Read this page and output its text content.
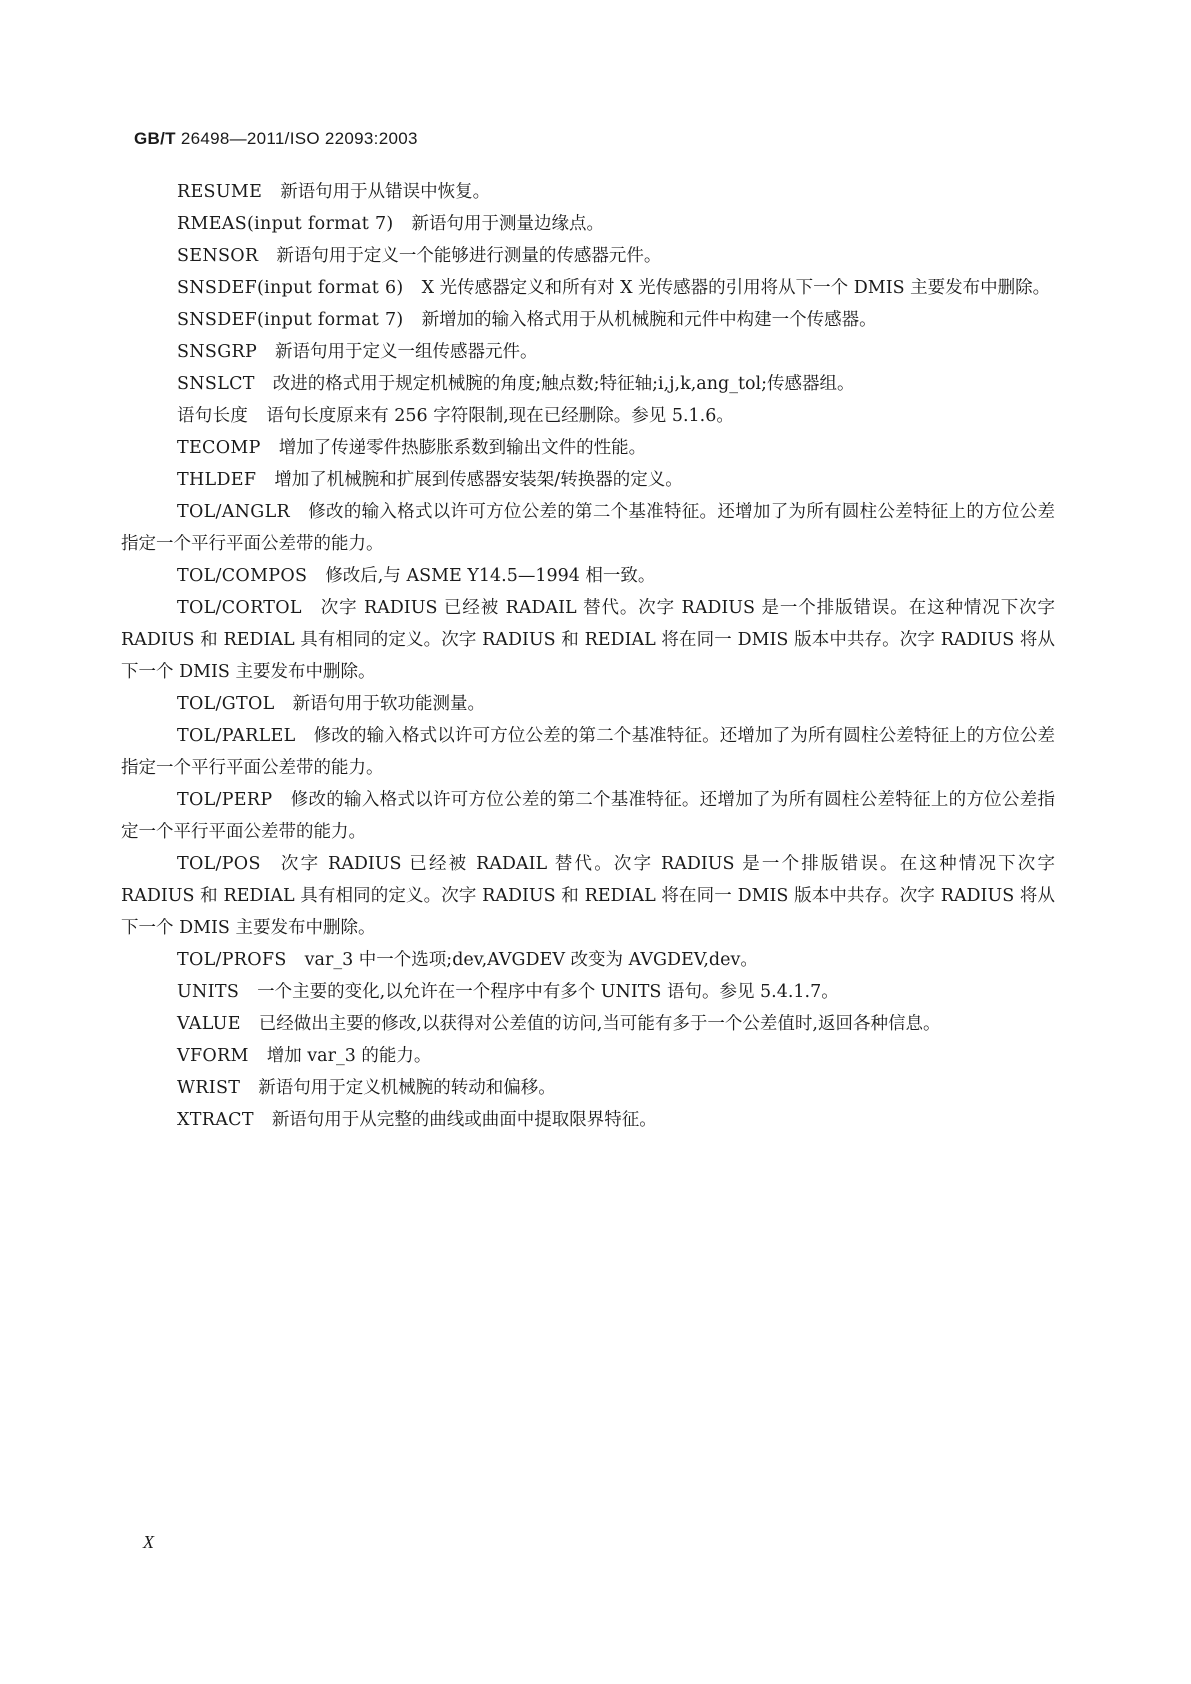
GB/T 26498—2011/ISO 22093:2003

RESUME 新语句用于从错误中恢复。

RMEAS(input format 7) 新语句用于测量边缘点。

SENSOR 新语句用于定义一个能够进行测量的传感器元件。

SNSDEF(input format 6) X 光传感器定义和所有对 X 光传感器的引用将从下一个 DMIS 主要发布中删除。

SNSDEF(input format 7) 新增加的输入格式用于从机械腕和元件中构建一个传感器。

SNSGRP 新语句用于定义一组传感器元件。

SNSLCT 改进的格式用于规定机械腕的角度;触点数;特征轴;i,j,k,ang_tol;传感器组。

语句长度 语句长度原来有 256 字符限制,现在已经删除。参见 5.1.6。

TECOMP 增加了传递零件热膨胀系数到输出文件的性能。

THLDEF 增加了机械腕和扩展到传感器安装架/转换器的定义。

TOL/ANGLR 修改的输入格式以许可方位公差的第二个基准特征。还增加了为所有圆柱公差特征上的方位公差指定一个平行平面公差带的能力。

TOL/COMPOS 修改后,与 ASME Y14.5—1994 相一致。

TOL/CORTOL 次字 RADIUS 已经被 RADAIL 替代。次字 RADIUS 是一个排版错误。在这种情况下次字 RADIUS 和 REDIAL 具有相同的定义。次字 RADIUS 和 REDIAL 将在同一 DMIS 版本中共存。次字 RADIUS 将从下一个 DMIS 主要发布中删除。

TOL/GTOL 新语句用于软功能测量。

TOL/PARLEL 修改的输入格式以许可方位公差的第二个基准特征。还增加了为所有圆柱公差特征上的方位公差指定一个平行平面公差带的能力。

TOL/PERP 修改的输入格式以许可方位公差的第二个基准特征。还增加了为所有圆柱公差特征上的方位公差指定一个平行平面公差带的能力。

TOL/POS 次字 RADIUS 已经被 RADAIL 替代。次字 RADIUS 是一个排版错误。在这种情况下次字 RADIUS 和 REDIAL 具有相同的定义。次字 RADIUS 和 REDIAL 将在同一 DMIS 版本中共存。次字 RADIUS 将从下一个 DMIS 主要发布中删除。

TOL/PROFS var_3 中一个选项;dev,AVGDEV 改变为 AVGDEV,dev。

UNITS 一个主要的变化,以允许在一个程序中有多个 UNITS 语句。参见 5.4.1.7。

VALUE 已经做出主要的修改,以获得对公差值的访问,当可能有多于一个公差值时,返回各种信息。

VFORM 增加 var_3 的能力。

WRIST 新语句用于定义机械腕的转动和偏移。

XTRACT 新语句用于从完整的曲线或曲面中提取限界特征。

X
